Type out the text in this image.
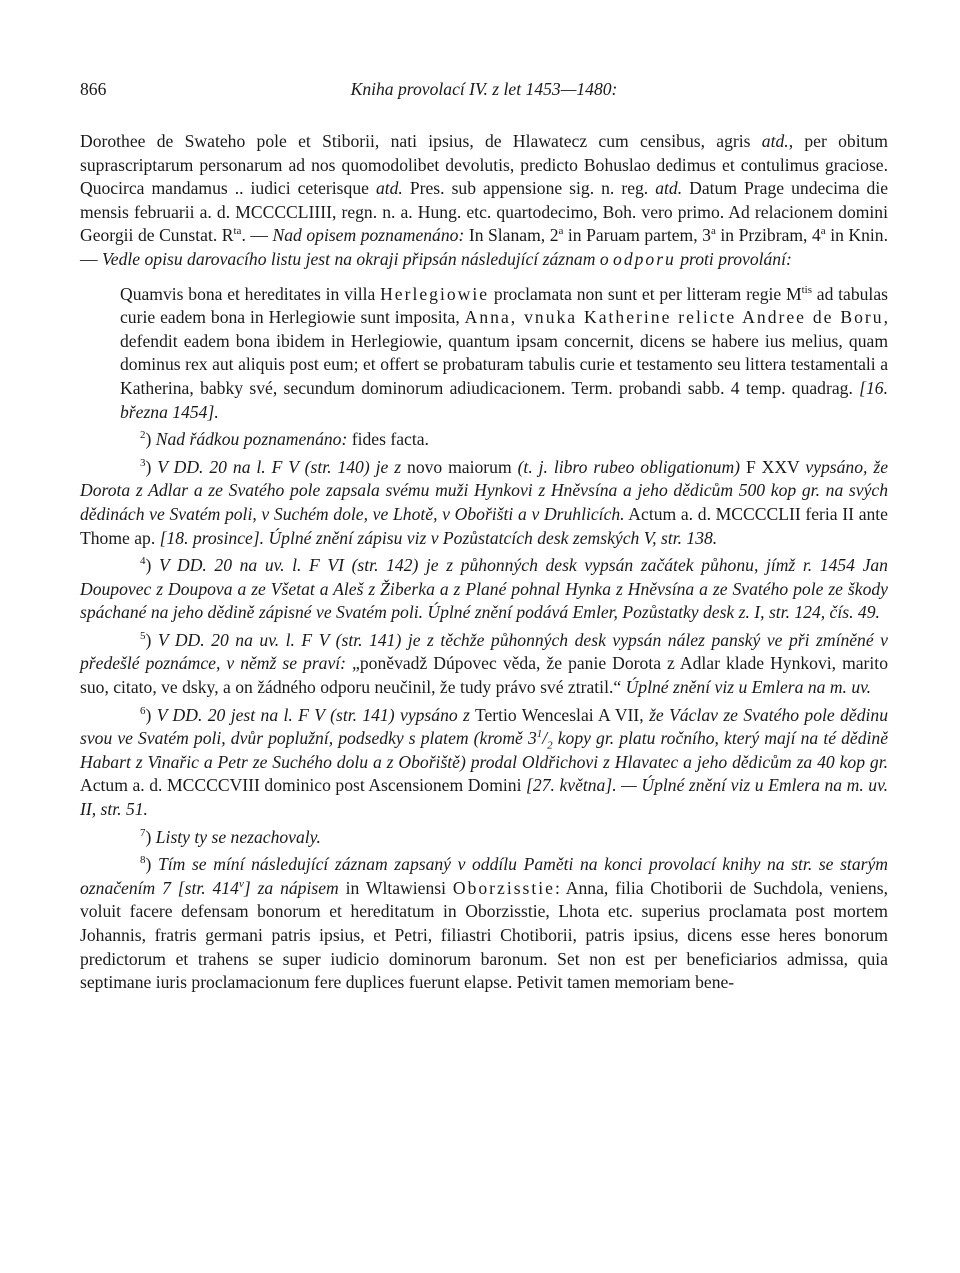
866	Kniha provolací IV. z let 1453—1480:

Dorothee de Swateho pole et Stiborii, nati ipsius, de Hlawatecz cum censibus, agris atd., per obitum suprascriptarum personarum ad nos quomodolibet devolutis, predicto Bohuslao dedimus et contulimus graciose. Quocirca mandamus .. iudici ceterisque atd. Pres. sub appensione sig. n. reg. atd. Datum Prage undecima die mensis februarii a. d. MCCCCLIIII, regn. n. a. Hung. etc. quartodecimo, Boh. vero primo. Ad relacionem domini Georgii de Cunstat. $R^{ta}$. — Nad opisem poznamenáno: In Slanam, 2$^a$ in Paruam partem, 3$^a$ in Przibram, 4$^a$ in Knin. — Vedle opisu darovacího listu jest na okraji připsán následující záznam o odporu proti provolání:

Quamvis bona et hereditates in villa Herlegiowie proclamata non sunt et per litteram regie $M^{tis}$ ad tabulas curie eadem bona in Herlegiowie sunt imposita, Anna, vnuka Katherine relicte Andree de Boru, defendit eadem bona ibidem in Herlegiowie, quantum ipsam concernit, dicens se habere ius melius, quam dominus rex aut aliquis post eum; et offert se probaturam tabulis curie et testamento seu littera testamentali a Katherina, babky své, secundum dominorum adiudicacionem. Term. probandi sabb. 4 temp. quadrag. [16. března 1454].

$^2$) Nad řádkou poznamenáno: fides facta.

$^3$) V DD. 20 na l. F V (str. 140) je z novo maiorum (t. j. libro rubeo obligationum) F XXV vypsáno, že Dorota z Adlar a ze Svatého pole zapsala svému muži Hynkovi z Hněvsína a jeho dědicům 500 kop gr. na svých dědinách ve Svatém poli, v Suchém dole, ve Lhotě, v Obořišti a v Druhlicích. Actum a. d. MCCCCLII feria II ante Thome ap. [18. prosince]. Úplné znění zápisu viz v Pozůstatcích desk zemských V, str. 138.

$^4$) V DD. 20 na uv. l. F VI (str. 142) je z půhonných desk vypsán začátek půhonu, jímž r. 1454 Jan Doupovec z Doupova a ze Všetat a Aleš z Žiberka a z Plané pohnal Hynka z Hněvsína a ze Svatého pole ze škody spáchané na jeho dědině zápisné ve Svatém poli. Úplné znění podává Emler, Pozůstatky desk z. I, str. 124, čís. 49.

$^5$) V DD. 20 na uv. l. F V (str. 141) je z těchže půhonných desk vypsán nález panský ve při zmíněné v předešlé poznámce, v němž se praví: „poněvadž Dúpovec věda, že panie Dorota z Adlar klade Hynkovi, marito suo, citato, ve dsky, a on žádného odporu neučinil, že tudy právo své ztratil.“ Úplné znění viz u Emlera na m. uv.

$^6$) V DD. 20 jest na l. F V (str. 141) vypsáno z Tertio Wenceslai A VII, že Václav ze Svatého pole dědinu svou ve Svatém poli, dvůr poplužní, podsedky s platem (kromě $3^1/_2$ kopy gr. platu ročního, který mají na té dědině Habart z Vinařic a Petr ze Suchého dolu a z Obořiště) prodal Oldřichovi z Hlavatec a jeho dědicům za 40 kop gr. Actum a. d. MCCCCVIII dominico post Ascensionem Domini [27. května]. — Úplné znění viz u Emlera na m. uv. II, str. 51.

$^7$) Listy ty se nezachovaly.

$^8$) Tím se míní následující záznam zapsaný v oddílu Paměti na konci provolací knihy na str. se starým označením 7 [str. 414$^v$] za nápisem in Wltawiensi Oborzisstie: Anna, filia Chotiborii de Suchdola, veniens, voluit facere defensam bonorum et hereditatum in Oborzisstie, Lhota etc. superius proclamata post mortem Johannis, fratris germani patris ipsius, et Petri, filiastri Chotiborii, patris ipsius, dicens esse heres bonorum predictorum et trahens se super iudicio dominorum baronum. Set non est per beneficiarios admissa, quia septimane iuris proclamacionum fere duplices fuerunt elapse. Petivit tamen memoriam bene-
